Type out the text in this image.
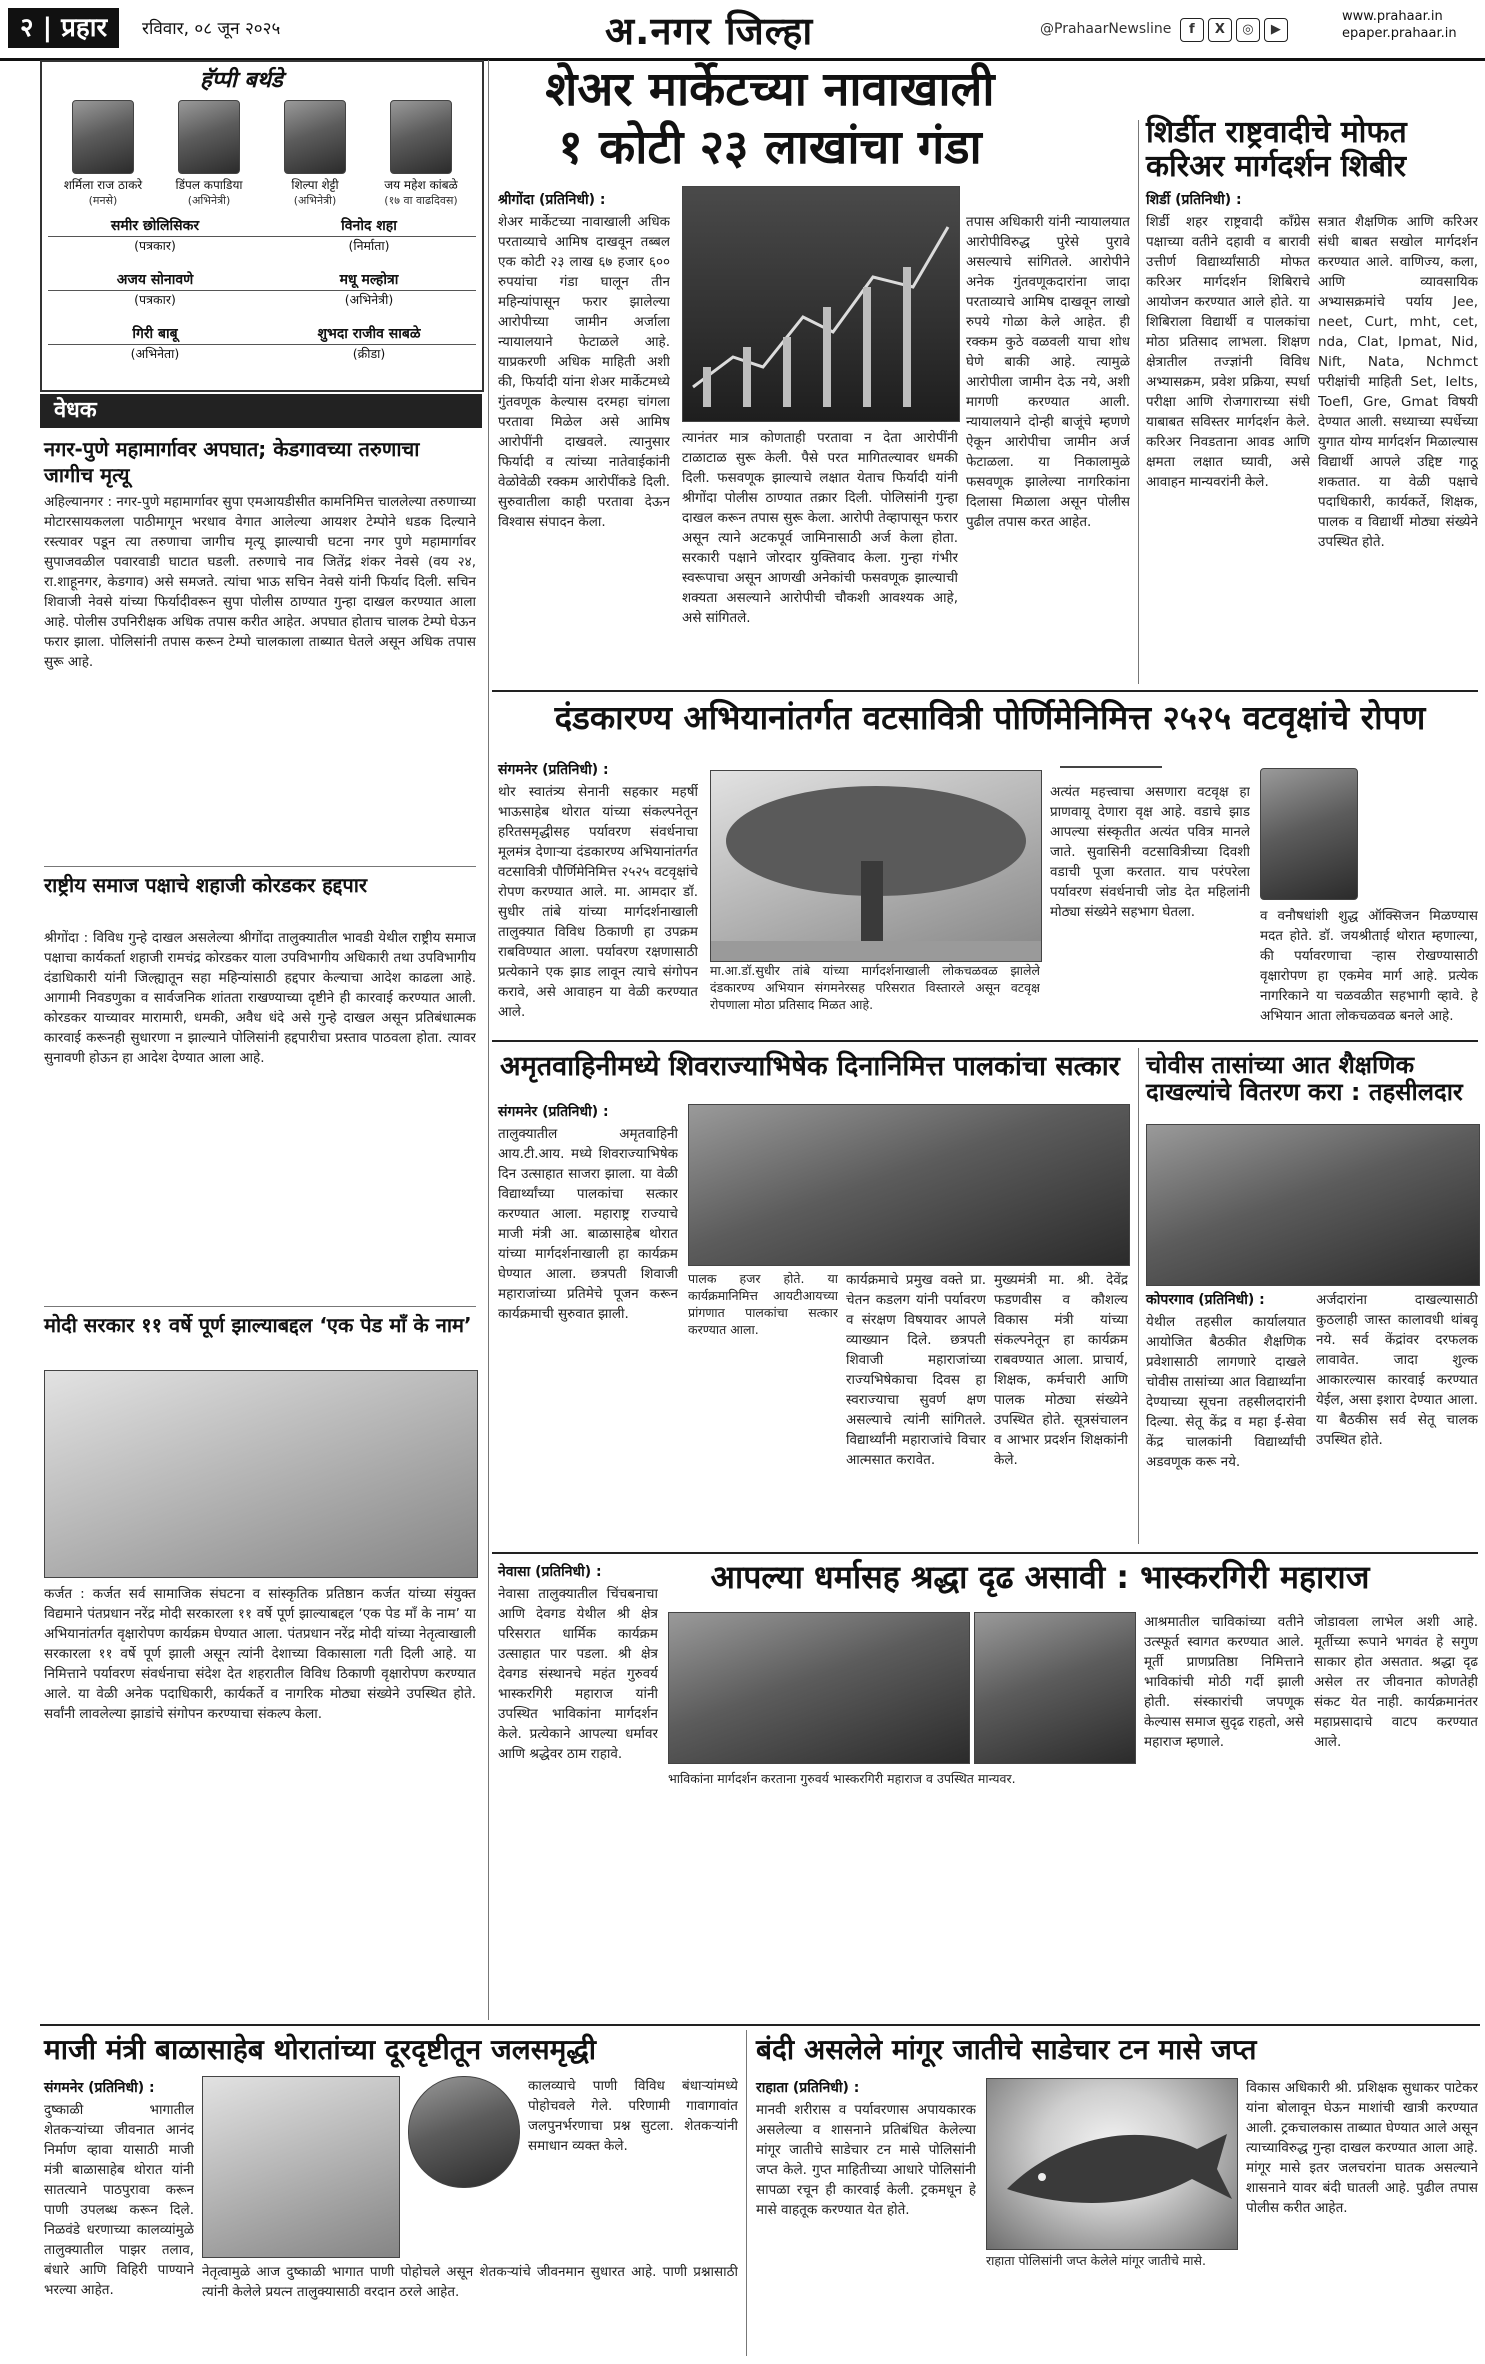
२ | प्रहार	रविवार, ०८ जून २०२५	अ.नगर जिल्हा	@PrahaarNewsline f X ◎ ▶
www.prahaar.in
epaper.prahaar.in
हॅप्पी बर्थडे
शर्मिला राज ठाकरे
(मनसे)
डिंपल कपाडिया
(अभिनेत्री)
शिल्पा शेट्टी
(अभिनेत्री)
जय महेश कांबळे
(१७ वा वाढदिवस)
समीर छोलिसिकर
(पत्रकार)
विनोद शहा
(निर्माता)
अजय सोनावणे
(पत्रकार)
मधू मल्होत्रा
(अभिनेत्री)
गिरी बाबू
(अभिनेता)
शुभदा राजीव साबळे
(क्रीडा)
वेधक
नगर-पुणे महामार्गावर अपघात; केडगावच्या तरुणाचा जागीच मृत्यू
अहिल्यानगर : नगर-पुणे महामार्गावर सुपा एमआयडीसीत कामनिमित्त चाललेल्या तरुणाच्या मोटारसायकलला पाठीमागून भरधाव वेगात आलेल्या आयशर टेम्पोने धडक दिल्याने रस्त्यावर पडून त्या तरुणाचा जागीच मृत्यू झाल्याची घटना नगर पुणे महामार्गावर सुपाजवळील पवारवाडी घाटात घडली. तरुणाचे नाव जितेंद्र शंकर नेवसे (वय २४, रा.शाहूनगर, केडगाव) असे समजते. त्यांचा भाऊ सचिन नेवसे यांनी फिर्याद दिली. सचिन शिवाजी नेवसे यांच्या फिर्यादीवरून सुपा पोलीस ठाण्यात गुन्हा दाखल करण्यात आला आहे. पोलीस उपनिरीक्षक अधिक तपास करीत आहेत. अपघात होताच चालक टेम्पो घेऊन फरार झाला. पोलिसांनी तपास करून टेम्पो चालकाला ताब्यात घेतले असून अधिक तपास सुरू आहे.
राष्ट्रीय समाज पक्षाचे शहाजी कोरडकर हद्दपार
श्रीगोंदा : विविध गुन्हे दाखल असलेल्या श्रीगोंदा तालुक्यातील भावडी येथील राष्ट्रीय समाज पक्षाचा कार्यकर्ता शहाजी रामचंद्र कोरडकर याला उपविभागीय अधिकारी तथा उपविभागीय दंडाधिकारी यांनी जिल्ह्यातून सहा महिन्यांसाठी हद्दपार केल्याचा आदेश काढला आहे. आगामी निवडणुका व सार्वजनिक शांतता राखण्याच्या दृष्टीने ही कारवाई करण्यात आली. कोरडकर याच्यावर मारामारी, धमकी, अवैध धंदे असे गुन्हे दाखल असून प्रतिबंधात्मक कारवाई करूनही सुधारणा न झाल्याने पोलिसांनी हद्दपारीचा प्रस्ताव पाठवला होता. त्यावर सुनावणी होऊन हा आदेश देण्यात आला आहे.
मोदी सरकार ११ वर्षे पूर्ण झाल्याबद्दल ‘एक पेड माँ के नाम’
कर्जत : कर्जत सर्व सामाजिक संघटना व सांस्कृतिक प्रतिष्ठान कर्जत यांच्या संयुक्त विद्यमाने पंतप्रधान नरेंद्र मोदी सरकारला ११ वर्षे पूर्ण झाल्याबद्दल ‘एक पेड माँ के नाम’ या अभियानांतर्गत वृक्षारोपण कार्यक्रम घेण्यात आला. पंतप्रधान नरेंद्र मोदी यांच्या नेतृत्वाखाली सरकारला ११ वर्षे पूर्ण झाली असून त्यांनी देशाच्या विकासाला गती दिली आहे. या निमित्ताने पर्यावरण संवर्धनाचा संदेश देत शहरातील विविध ठिकाणी वृक्षारोपण करण्यात आले. या वेळी अनेक पदाधिकारी, कार्यकर्ते व नागरिक मोठ्या संख्येने उपस्थित होते. सर्वांनी लावलेल्या झाडांचे संगोपन करण्याचा संकल्प केला.
शेअर मार्केटच्या नावाखाली
१ कोटी २३ लाखांचा गंडा
श्रीगोंदा (प्रतिनिधी) :
शेअर मार्केटच्या नावाखाली अधिक परताव्याचे आमिष दाखवून तब्बल एक कोटी २३ लाख ६७ हजार ६०० रुपयांचा गंडा घालून तीन महिन्यांपासून फरार झालेल्या आरोपीच्या जामीन अर्जाला न्यायालयाने फेटाळले आहे. याप्रकरणी अधिक माहिती अशी की, फिर्यादी यांना शेअर मार्केटमध्ये गुंतवणूक केल्यास दरमहा चांगला परतावा मिळेल असे आमिष आरोपींनी दाखवले. त्यानुसार फिर्यादी व त्यांच्या नातेवाईकांनी वेळोवेळी रक्कम आरोपींकडे दिली. सुरुवातीला काही परतावा देऊन विश्वास संपादन केला.
त्यानंतर मात्र कोणताही परतावा न देता आरोपींनी टाळाटाळ सुरू केली. पैसे परत मागितल्यावर धमकी दिली. फसवणूक झाल्याचे लक्षात येताच फिर्यादी यांनी श्रीगोंदा पोलीस ठाण्यात तक्रार दिली. पोलिसांनी गुन्हा दाखल करून तपास सुरू केला. आरोपी तेव्हापासून फरार असून त्याने अटकपूर्व जामिनासाठी अर्ज केला होता. सरकारी पक्षाने जोरदार युक्तिवाद केला. गुन्हा गंभीर स्वरूपाचा असून आणखी अनेकांची फसवणूक झाल्याची शक्यता असल्याने आरोपीची चौकशी आवश्यक आहे, असे सांगितले.
तपास अधिकारी यांनी न्यायालयात आरोपीविरुद्ध पुरेसे पुरावे असल्याचे सांगितले. आरोपीने अनेक गुंतवणूकदारांना जादा परताव्याचे आमिष दाखवून लाखो रुपये गोळा केले आहेत. ही रक्कम कुठे वळवली याचा शोध घेणे बाकी आहे. त्यामुळे आरोपीला जामीन देऊ नये, अशी मागणी करण्यात आली. न्यायालयाने दोन्ही बाजूंचे म्हणणे ऐकून आरोपीचा जामीन अर्ज फेटाळला. या निकालामुळे फसवणूक झालेल्या नागरिकांना दिलासा मिळाला असून पोलीस पुढील तपास करत आहेत.
शिर्डीत राष्ट्रवादीचे मोफत करिअर मार्गदर्शन शिबीर
शिर्डी (प्रतिनिधी) :
शिर्डी शहर राष्ट्रवादी काँग्रेस पक्षाच्या वतीने दहावी व बारावी उत्तीर्ण विद्यार्थ्यांसाठी मोफत करिअर मार्गदर्शन शिबिराचे आयोजन करण्यात आले होते. या शिबिराला विद्यार्थी व पालकांचा मोठा प्रतिसाद लाभला. शिक्षण क्षेत्रातील तज्ज्ञांनी विविध अभ्यासक्रम, प्रवेश प्रक्रिया, स्पर्धा परीक्षा आणि रोजगाराच्या संधी याबाबत सविस्तर मार्गदर्शन केले. करिअर निवडताना आवड आणि क्षमता लक्षात घ्यावी, असे आवाहन मान्यवरांनी केले.
सत्रात शैक्षणिक आणि करिअर संधी बाबत सखोल मार्गदर्शन करण्यात आले. वाणिज्य, कला, आणि व्यावसायिक अभ्यासक्रमांचे पर्याय Jee, neet, Curt, mht, cet, nda, Clat, Ipmat, Nid, Nift, Nata, Nchmct परीक्षांची माहिती Set, Ielts, Toefl, Gre, Gmat विषयी देण्यात आली. सध्याच्या स्पर्धेच्या युगात योग्य मार्गदर्शन मिळाल्यास विद्यार्थी आपले उद्दिष्ट गाठू शकतात. या वेळी पक्षाचे पदाधिकारी, कार्यकर्ते, शिक्षक, पालक व विद्यार्थी मोठ्या संख्येने उपस्थित होते.
दंडकारण्य अभियानांतर्गत वटसावित्री पोर्णिमेनिमित्त २५२५ वटवृक्षांचे रोपण
संगमनेर (प्रतिनिधी) :
थोर स्वातंत्र्य सेनानी सहकार महर्षी भाऊसाहेब थोरात यांच्या संकल्पनेतून हरितसमृद्धीसह पर्यावरण संवर्धनाचा मूलमंत्र देणाऱ्या दंडकारण्य अभियानांतर्गत वटसावित्री पौर्णिमेनिमित्त २५२५ वटवृक्षांचे रोपण करण्यात आले. मा. आमदार डॉ. सुधीर तांबे यांच्या मार्गदर्शनाखाली तालुक्यात विविध ठिकाणी हा उपक्रम राबविण्यात आला. पर्यावरण रक्षणासाठी प्रत्येकाने एक झाड लावून त्याचे संगोपन करावे, असे आवाहन या वेळी करण्यात आले.
मा.आ.डॉ.सुधीर तांबे यांच्या मार्गदर्शनाखाली लोकचळवळ झालेले दंडकारण्य अभियान संगमनेरसह परिसरात विस्तारले असून वटवृक्ष रोपणाला मोठा प्रतिसाद मिळत आहे.
अत्यंत महत्त्वाचा असणारा वटवृक्ष हा प्राणवायू देणारा वृक्ष आहे. वडाचे झाड आपल्या संस्कृतीत अत्यंत पवित्र मानले जाते. सुवासिनी वटसावित्रीच्या दिवशी वडाची पूजा करतात. याच परंपरेला पर्यावरण संवर्धनाची जोड देत महिलांनी मोठ्या संख्येने सहभाग घेतला.	व वनौषधांशी शुद्ध ऑक्सिजन मिळण्यास मदत होते. डॉ. जयश्रीताई थोरात म्हणाल्या, की पर्यावरणाचा ऱ्हास रोखण्यासाठी वृक्षारोपण हा एकमेव मार्ग आहे. प्रत्येक नागरिकाने या चळवळीत सहभागी व्हावे. हे अभियान आता लोकचळवळ बनले आहे.
अमृतवाहिनीमध्ये शिवराज्याभिषेक दिनानिमित्त पालकांचा सत्कार
संगमनेर (प्रतिनिधी) :
तालुक्यातील अमृतवाहिनी आय.टी.आय. मध्ये शिवराज्याभिषेक दिन उत्साहात साजरा झाला. या वेळी विद्यार्थ्यांच्या पालकांचा सत्कार करण्यात आला. महाराष्ट्र राज्याचे माजी मंत्री आ. बाळासाहेब थोरात यांच्या मार्गदर्शनाखाली हा कार्यक्रम घेण्यात आला. छत्रपती शिवाजी महाराजांच्या प्रतिमेचे पूजन करून कार्यक्रमाची सुरुवात झाली.
पालक हजर होते. या कार्यक्रमानिमित्त आयटीआयच्या प्रांगणात पालकांचा सत्कार करण्यात आला.
कार्यक्रमाचे प्रमुख वक्ते प्रा. चेतन कडलग यांनी पर्यावरण व संरक्षण विषयावर आपले व्याख्यान दिले. छत्रपती शिवाजी महाराजांच्या राज्यभिषेकाचा दिवस हा स्वराज्याचा सुवर्ण क्षण असल्याचे त्यांनी सांगितले. विद्यार्थ्यांनी महाराजांचे विचार आत्मसात करावेत.
मुख्यमंत्री मा. श्री. देवेंद्र फडणवीस व कौशल्य विकास मंत्री यांच्या संकल्पनेतून हा कार्यक्रम राबवण्यात आला. प्राचार्य, शिक्षक, कर्मचारी आणि पालक मोठ्या संख्येने उपस्थित होते. सूत्रसंचालन व आभार प्रदर्शन शिक्षकांनी केले.
चोवीस तासांच्या आत शैक्षणिक दाखल्यांचे वितरण करा : तहसीलदार
कोपरगाव (प्रतिनिधी) :
येथील तहसील कार्यालयात आयोजित बैठकीत शैक्षणिक प्रवेशासाठी लागणारे दाखले चोवीस तासांच्या आत विद्यार्थ्यांना देण्याच्या सूचना तहसीलदारांनी दिल्या. सेतू केंद्र व महा ई-सेवा केंद्र चालकांनी विद्यार्थ्यांची अडवणूक करू नये.
अर्जदारांना दाखल्यासाठी कुठलाही जास्त कालावधी थांबवू नये. सर्व केंद्रांवर दरफलक लावावेत. जादा शुल्क आकारल्यास कारवाई करण्यात येईल, असा इशारा देण्यात आला. या बैठकीस सर्व सेतू चालक उपस्थित होते.
नेवासा (प्रतिनिधी) :	आपल्या धर्मासह श्रद्धा दृढ असावी : भास्करगिरी महाराज
नेवासा तालुक्यातील चिंचबनाचा आणि देवगड येथील श्री क्षेत्र परिसरात धार्मिक कार्यक्रम उत्साहात पार पडला. श्री क्षेत्र देवगड संस्थानचे महंत गुरुवर्य भास्करगिरी महाराज यांनी उपस्थित भाविकांना मार्गदर्शन केले. प्रत्येकाने आपल्या धर्मावर आणि श्रद्धेवर ठाम राहावे.
भाविकांना मार्गदर्शन करताना गुरुवर्य भास्करगिरी महाराज व उपस्थित मान्यवर.
आश्रमातील चाविकांच्या वतीने उत्स्फूर्त स्वागत करण्यात आले. मूर्ती प्राणप्रतिष्ठा निमित्ताने भाविकांची मोठी गर्दी झाली होती. संस्कारांची जपणूक केल्यास समाज सुदृढ राहतो, असे महाराज म्हणाले.
जोडावला लाभेल अशी आहे. मूर्तीच्या रूपाने भगवंत हे सगुण साकार होत असतात. श्रद्धा दृढ असेल तर जीवनात कोणतेही संकट येत नाही. कार्यक्रमानंतर महाप्रसादाचे वाटप करण्यात आले.
माजी मंत्री बाळासाहेब थोरातांच्या दूरदृष्टीतून जलसमृद्धी
संगमनेर (प्रतिनिधी) :
दुष्काळी भागातील शेतकऱ्यांच्या जीवनात आनंद निर्माण व्हावा यासाठी माजी मंत्री बाळासाहेब थोरात यांनी सातत्याने पाठपुरावा करून पाणी उपलब्ध करून दिले. निळवंडे धरणाच्या कालव्यांमुळे तालुक्यातील पाझर तलाव, बंधारे आणि विहिरी पाण्याने भरल्या आहेत.
कालव्याचे पाणी विविध बंधाऱ्यांमध्ये पोहोचवले गेले. परिणामी गावागावांत जलपुनर्भरणाचा प्रश्न सुटला. शेतकऱ्यांनी समाधान व्यक्त केले.
नेतृत्वामुळे आज दुष्काळी भागात पाणी पोहोचले असून शेतकऱ्यांचे जीवनमान सुधारत आहे. पाणी प्रश्नासाठी त्यांनी केलेले प्रयत्न तालुक्यासाठी वरदान ठरले आहेत.
बंदी असलेले मांगूर जातीचे साडेचार टन मासे जप्त
राहाता (प्रतिनिधी) :
मानवी शरीरास व पर्यावरणास अपायकारक असलेल्या व शासनाने प्रतिबंधित केलेल्या मांगूर जातीचे साडेचार टन मासे पोलिसांनी जप्त केले. गुप्त माहितीच्या आधारे पोलिसांनी सापळा रचून ही कारवाई केली. ट्रकमधून हे मासे वाहतूक करण्यात येत होते.
राहाता पोलिसांनी जप्त केलेले मांगूर जातीचे मासे.
विकास अधिकारी श्री. प्रशिक्षक सुधाकर पाटेकर यांना बोलावून घेऊन माशांची खात्री करण्यात आली. ट्रकचालकास ताब्यात घेण्यात आले असून त्याच्याविरुद्ध गुन्हा दाखल करण्यात आला आहे. मांगूर मासे इतर जलचरांना घातक असल्याने शासनाने यावर बंदी घातली आहे. पुढील तपास पोलीस करीत आहेत.
